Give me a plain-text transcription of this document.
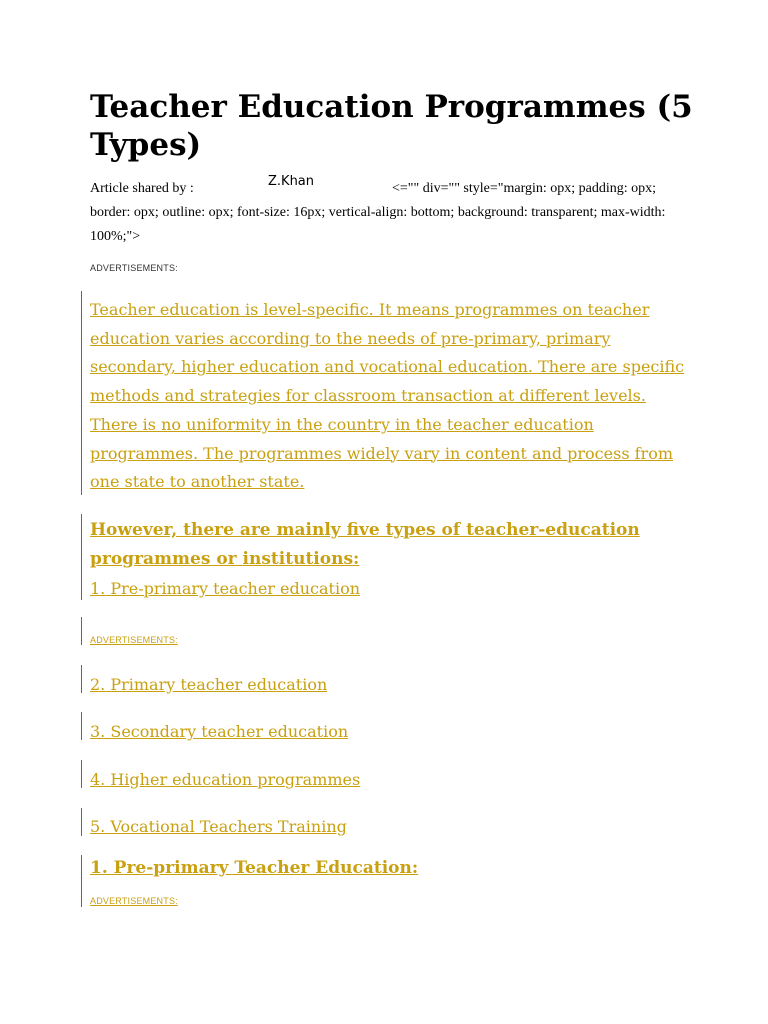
Teacher Education Programmes (5 Types)
Article shared by :	Z.Khan	<="" div="" style="margin: opx; padding: opx;
border: opx; outline: opx; font-size: 16px; vertical-align: bottom; background: transparent; max-width: 100%;">
ADVERTISEMENTS:
Teacher education is level-specific. It means programmes on teacher education varies according to the needs of pre-primary, primary secondary, higher education and vocational education. There are specific methods and strategies for classroom transaction at different levels. There is no uniformity in the country in the teacher education programmes. The programmes widely vary in content and process from one state to another state.
However, there are mainly five types of teacher-education programmes or institutions:
1. Pre-primary teacher education
ADVERTISEMENTS:
2. Primary teacher education
3. Secondary teacher education
4. Higher education programmes
5. Vocational Teachers Training
1. Pre-primary Teacher Education:
ADVERTISEMENTS:
